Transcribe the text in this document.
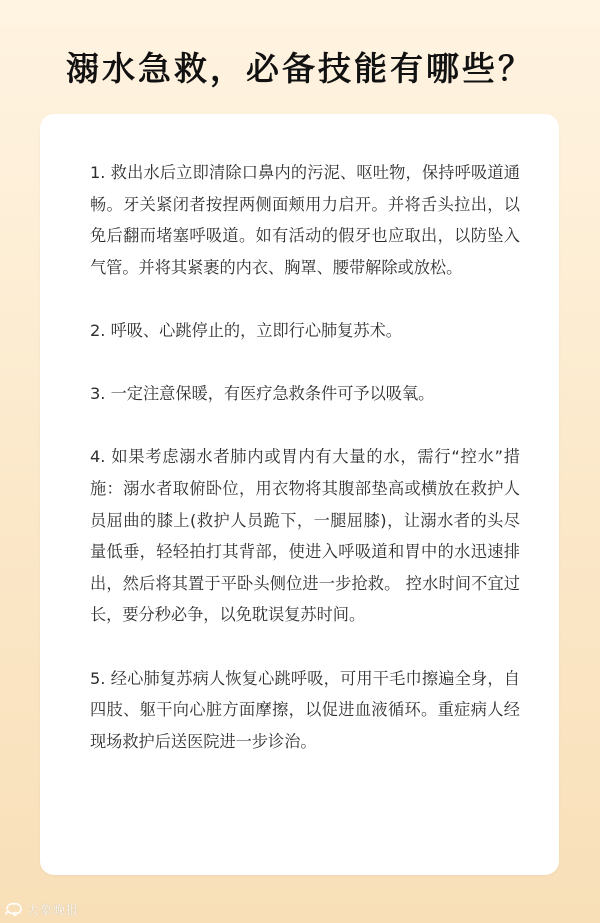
溺水急救，必备技能有哪些？

1. 救出水后立即清除口鼻内的污泥、呕吐物，保持呼吸道通畅。牙关紧闭者按捏两侧面颊用力启开。并将舌头拉出，以免后翻而堵塞呼吸道。如有活动的假牙也应取出，以防坠入气管。并将其紧裹的内衣、胸罩、腰带解除或放松。

2. 呼吸、心跳停止的，立即行心肺复苏术。

3. 一定注意保暖，有医疗急救条件可予以吸氧。

4. 如果考虑溺水者肺内或胃内有大量的水，需行“控水”措施：溺水者取俯卧位，用衣物将其腹部垫高或横放在救护人员屈曲的膝上(救护人员跪下，一腿屈膝)，让溺水者的头尽量低垂，轻轻拍打其背部，使进入呼吸道和胃中的水迅速排出，然后将其置于平卧头侧位进一步抢救。 控水时间不宜过长，要分秒必争，以免耽误复苏时间。

5. 经心肺复苏病人恢复心跳呼吸，可用干毛巾擦遍全身，自四肢、躯干向心脏方面摩擦，以促进血液循环。重症病人经现场救护后送医院进一步诊治。

大象晚报
